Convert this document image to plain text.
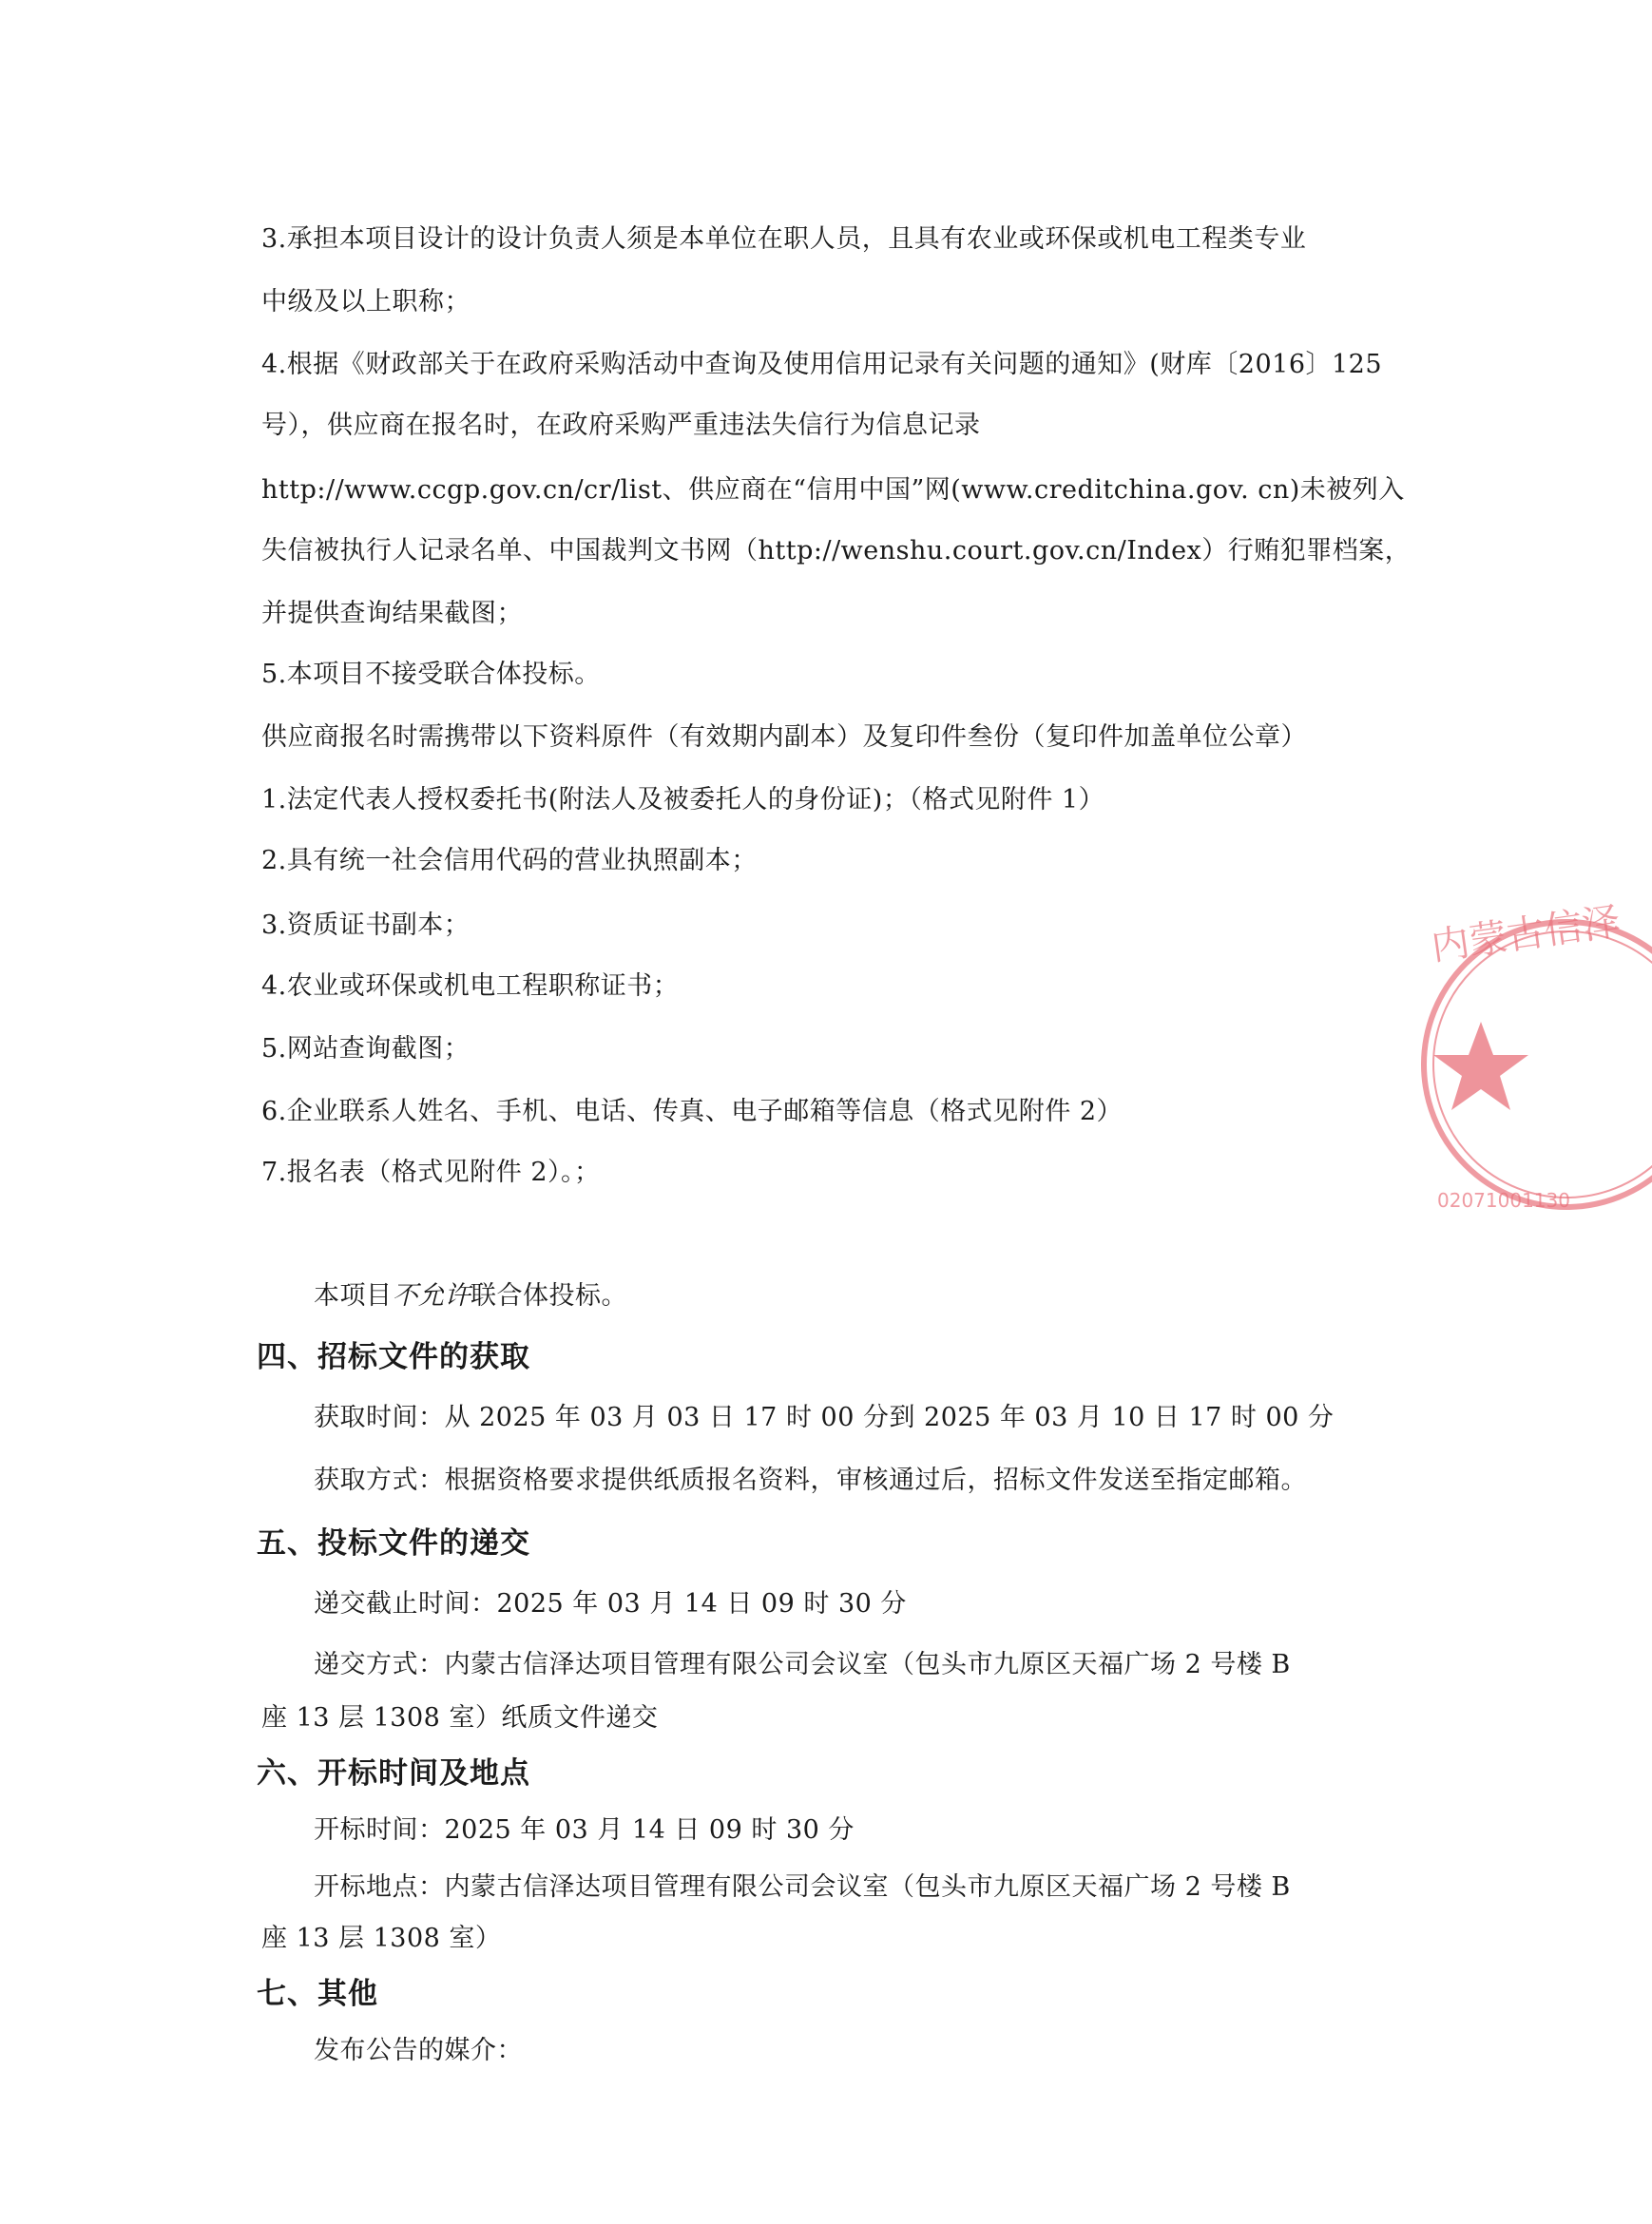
3.承担本项目设计的设计负责人须是本单位在职人员，且具有农业或环保或机电工程类专业
中级及以上职称；
4.根据《财政部关于在政府采购活动中查询及使用信用记录有关问题的通知》(财库〔2016〕125
号），供应商在报名时，在政府采购严重违法失信行为信息记录
http://www.ccgp.gov.cn/cr/list、供应商在“信用中国”网(www.creditchina.gov. cn)未被列入
失信被执行人记录名单、中国裁判文书网（http://wenshu.court.gov.cn/Index）行贿犯罪档案，
并提供查询结果截图；
5.本项目不接受联合体投标。
供应商报名时需携带以下资料原件（有效期内副本）及复印件叁份（复印件加盖单位公章）
1.法定代表人授权委托书(附法人及被委托人的身份证)；（格式见附件 1）
2.具有统一社会信用代码的营业执照副本；
3.资质证书副本；
4.农业或环保或机电工程职称证书；
5.网站查询截图；
6.企业联系人姓名、手机、电话、传真、电子邮箱等信息（格式见附件 2）
7.报名表（格式见附件 2）。；
本项目不允许联合体投标。
四、招标文件的获取
获取时间：从 2025 年 03 月 03 日 17 时 00 分到 2025 年 03 月 10 日 17 时 00 分
获取方式：根据资格要求提供纸质报名资料，审核通过后，招标文件发送至指定邮箱。
五、投标文件的递交
递交截止时间：2025 年 03 月 14 日 09 时 30 分
递交方式：内蒙古信泽达项目管理有限公司会议室（包头市九原区天福广场 2 号楼 B
座 13 层 1308 室）纸质文件递交
六、开标时间及地点
开标时间：2025 年 03 月 14 日 09 时 30 分
开标地点：内蒙古信泽达项目管理有限公司会议室（包头市九原区天福广场 2 号楼 B
座 13 层 1308 室）
七、其他
发布公告的媒介：
内蒙古信泽
02071001130
